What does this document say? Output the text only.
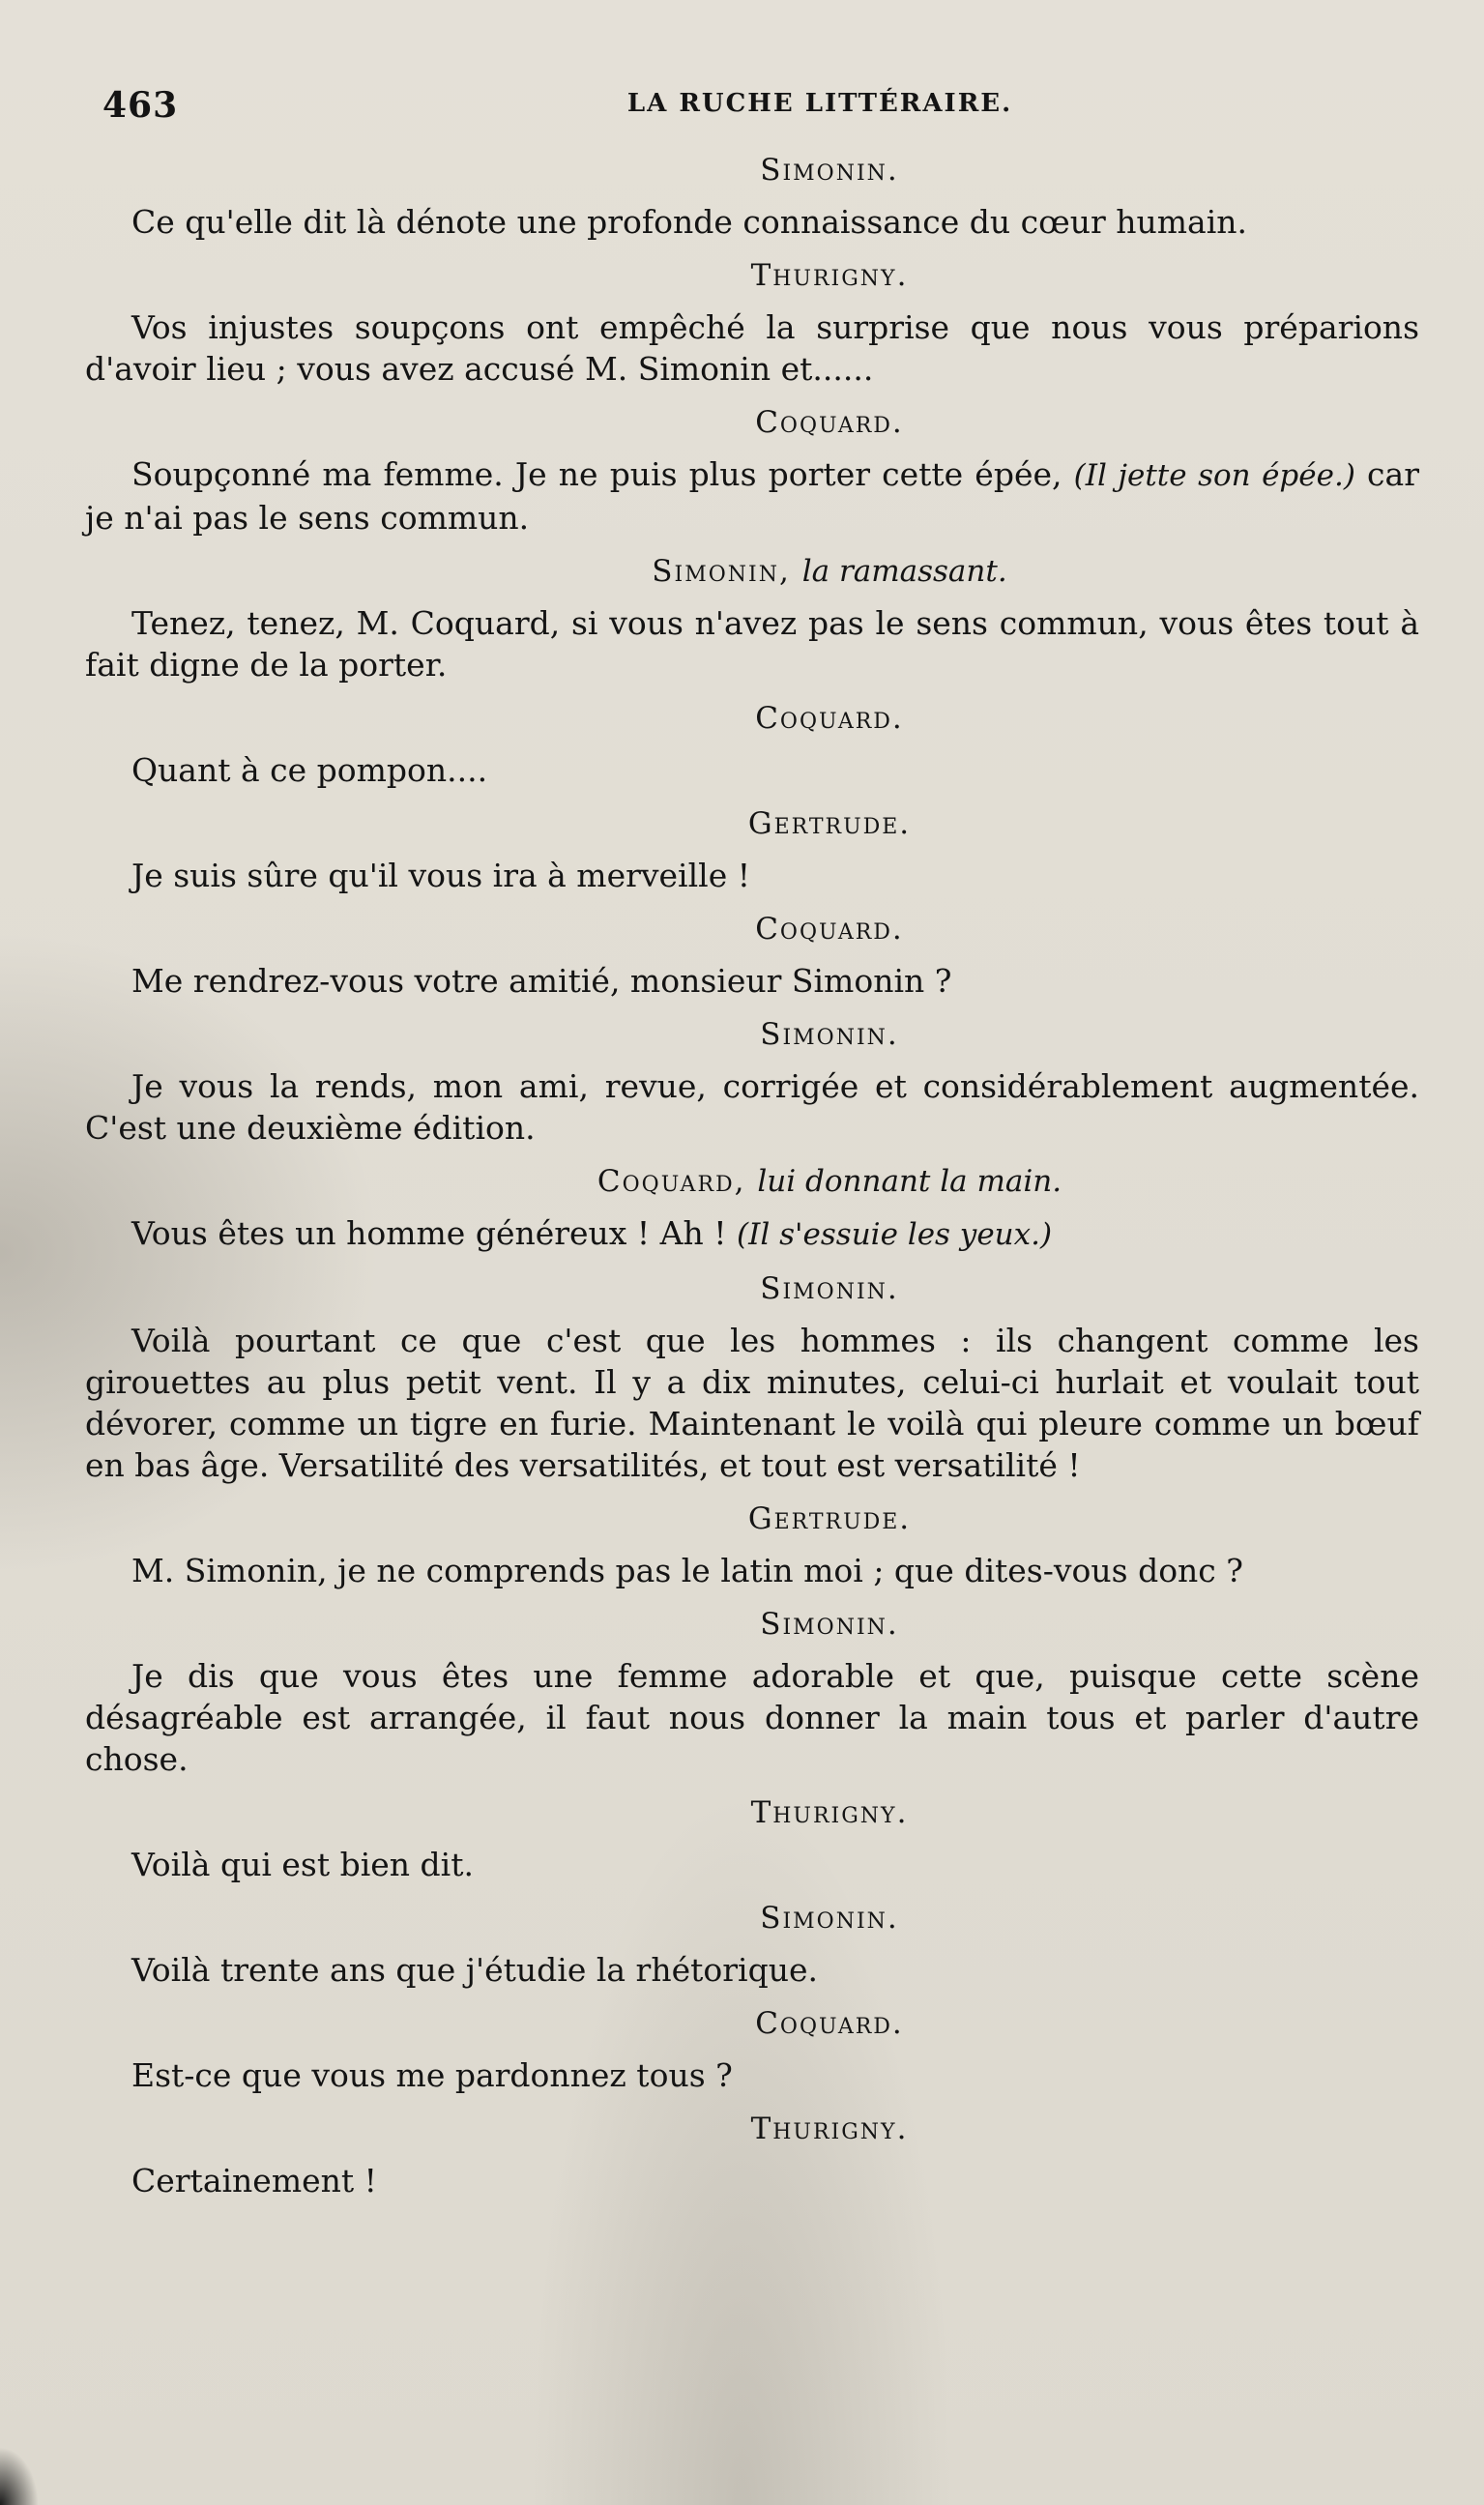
463	LA RUCHE LITTÉRAIRE.
Simonin.

Ce qu'elle dit là dénote une profonde connaissance du cœur humain.

Thurigny.

Vos injustes soupçons ont empêché la surprise que nous vous préparions d'avoir lieu ; vous avez accusé M. Simonin et......

Coquard.

Soupçonné ma femme. Je ne puis plus porter cette épée, (Il jette son épée.) car je n'ai pas le sens commun.

Simonin, la ramassant.

Tenez, tenez, M. Coquard, si vous n'avez pas le sens commun, vous êtes tout à fait digne de la porter.

Coquard.

Quant à ce pompon....

Gertrude.

Je suis sûre qu'il vous ira à merveille !

Coquard.

Me rendrez-vous votre amitié, monsieur Simonin ?

Simonin.

Je vous la rends, mon ami, revue, corrigée et considérablement augmentée. C'est une deuxième édition.

Coquard, lui donnant la main.

Vous êtes un homme généreux ! Ah ! (Il s'essuie les yeux.)

Simonin.

Voilà pourtant ce que c'est que les hommes : ils changent comme les girouettes au plus petit vent. Il y a dix minutes, celui-ci hurlait et voulait tout dévorer, comme un tigre en furie. Maintenant le voilà qui pleure comme un bœuf en bas âge. Versatilité des versatilités, et tout est versatilité !

Gertrude.

M. Simonin, je ne comprends pas le latin moi ; que dites-vous donc ?

Simonin.

Je dis que vous êtes une femme adorable et que, puisque cette scène désagréable est arrangée, il faut nous donner la main tous et parler d'autre chose.

Thurigny.

Voilà qui est bien dit.

Simonin.

Voilà trente ans que j'étudie la rhétorique.

Coquard.

Est-ce que vous me pardonnez tous ?

Thurigny.

Certainement !
